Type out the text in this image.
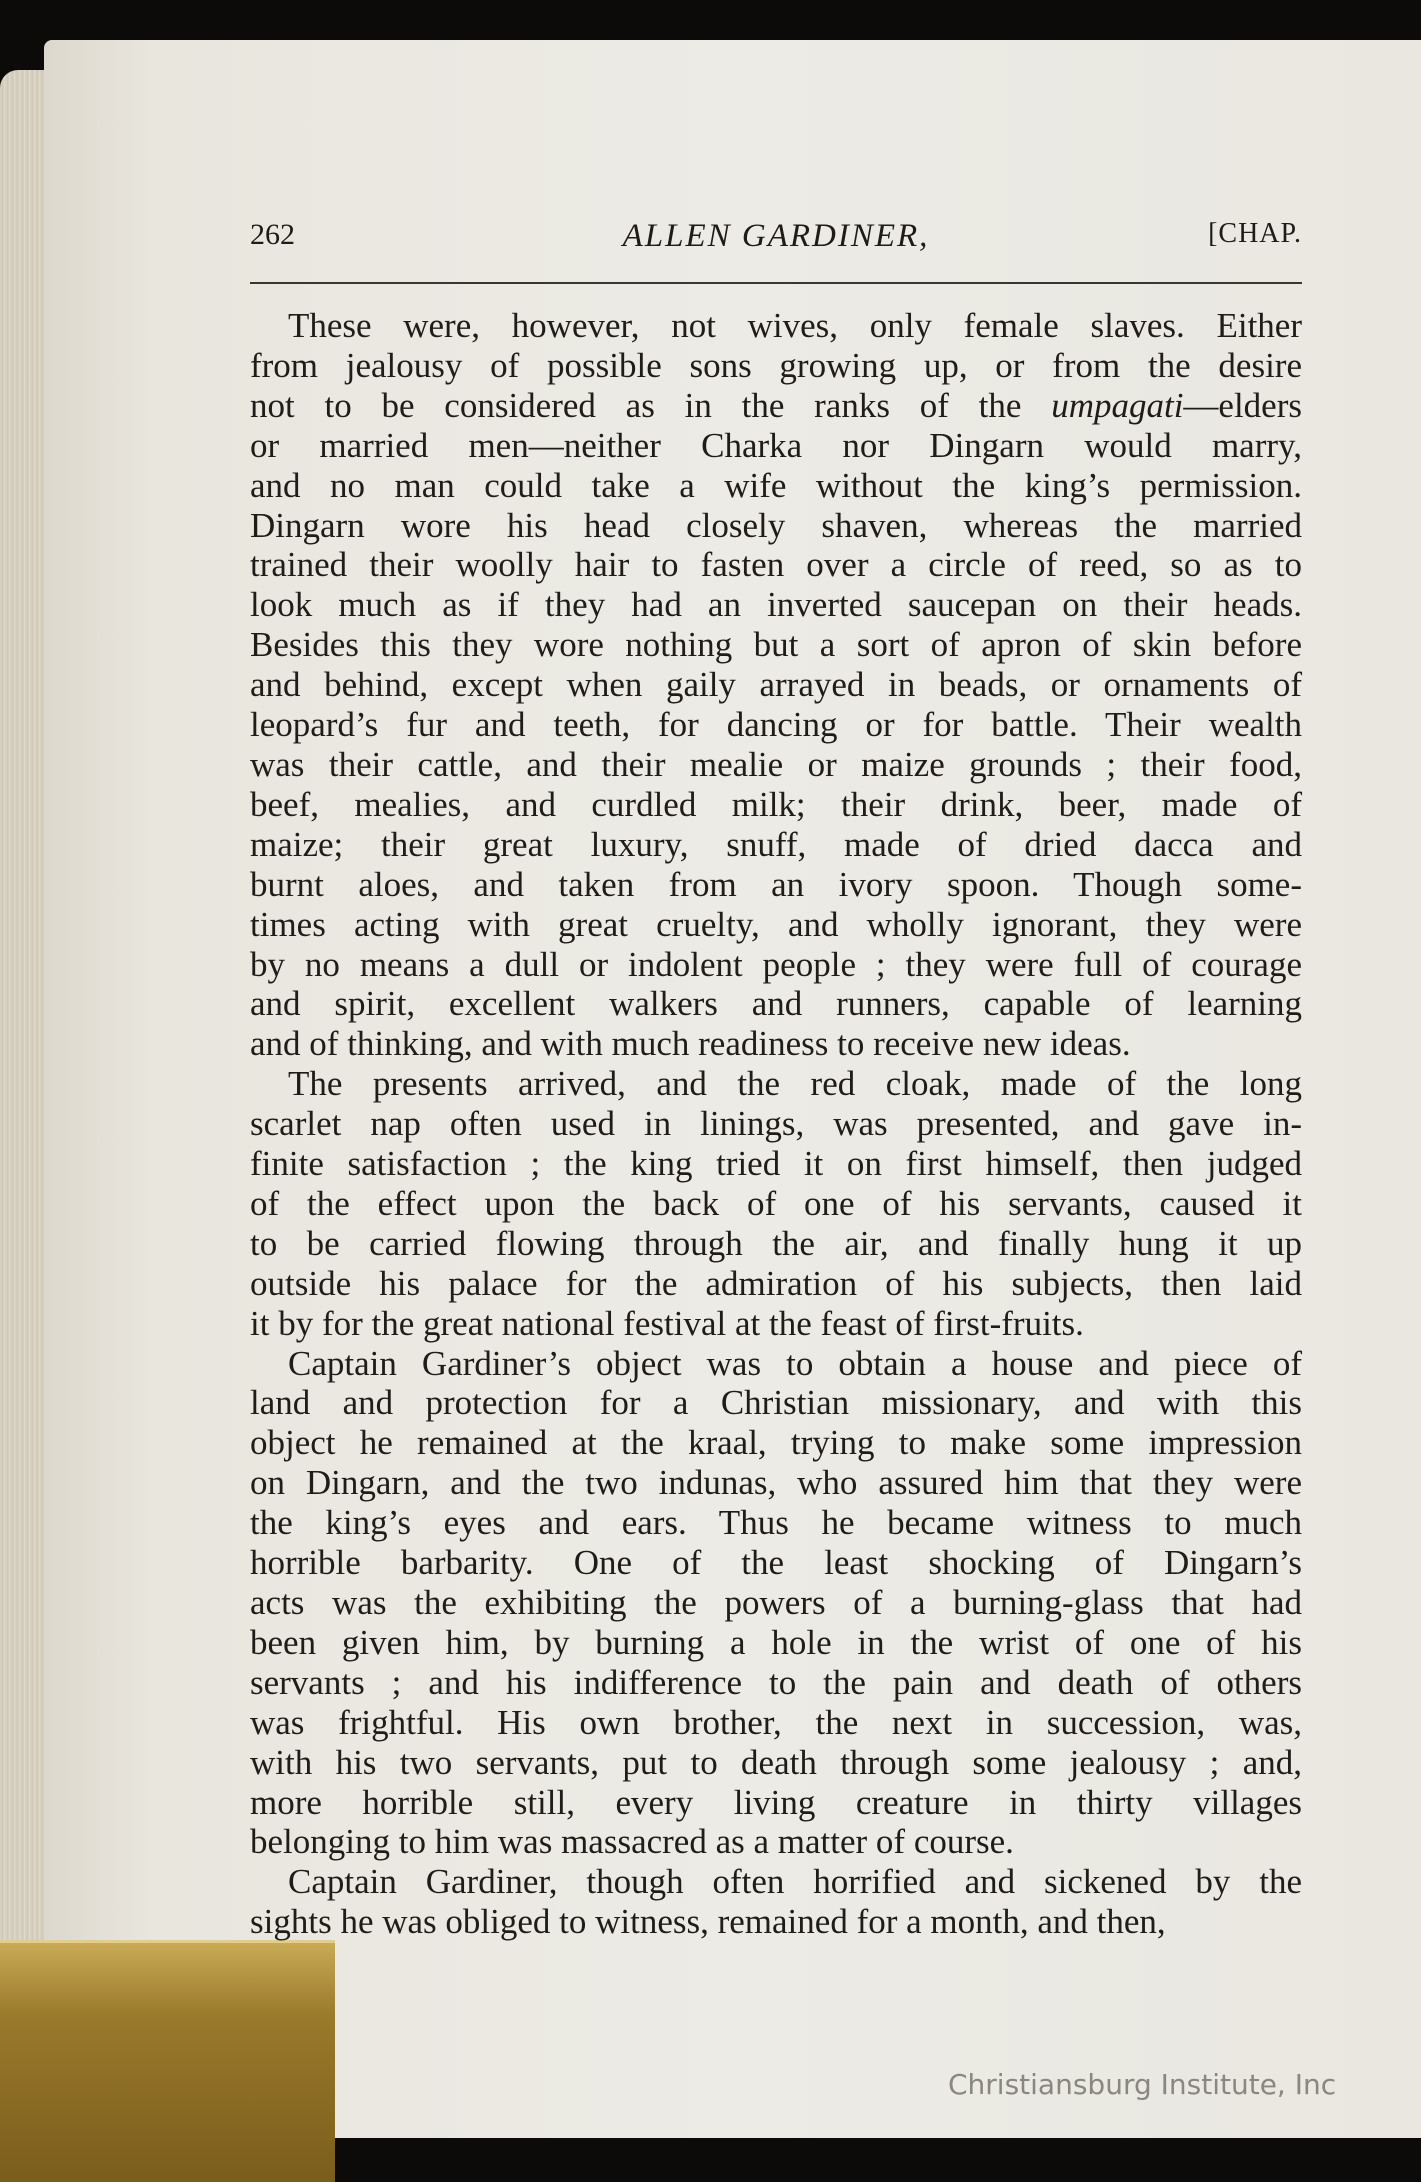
262	ALLEN GARDINER,	[CHAP.
These were, however, not wives, only female slaves. Either
from jealousy of possible sons growing up, or from the desire
not to be considered as in the ranks of the umpagati—elders
or married men—neither Charka nor Dingarn would marry,
and no man could take a wife without the king’s permission.
Dingarn wore his head closely shaven, whereas the married
trained their woolly hair to fasten over a circle of reed, so as to
look much as if they had an inverted saucepan on their heads.
Besides this they wore nothing but a sort of apron of skin before
and behind, except when gaily arrayed in beads, or ornaments of
leopard’s fur and teeth, for dancing or for battle. Their wealth
was their cattle, and their mealie or maize grounds ; their food,
beef, mealies, and curdled milk; their drink, beer, made of
maize; their great luxury, snuff, made of dried dacca and
burnt aloes, and taken from an ivory spoon. Though some-
times acting with great cruelty, and wholly ignorant, they were
by no means a dull or indolent people ; they were full of courage
and spirit, excellent walkers and runners, capable of learning
and of thinking, and with much readiness to receive new ideas.
The presents arrived, and the red cloak, made of the long
scarlet nap often used in linings, was presented, and gave in-
finite satisfaction ; the king tried it on first himself, then judged
of the effect upon the back of one of his servants, caused it
to be carried flowing through the air, and finally hung it up
outside his palace for the admiration of his subjects, then laid
it by for the great national festival at the feast of first-fruits.
Captain Gardiner’s object was to obtain a house and piece of
land and protection for a Christian missionary, and with this
object he remained at the kraal, trying to make some impression
on Dingarn, and the two indunas, who assured him that they were
the king’s eyes and ears. Thus he became witness to much
horrible barbarity. One of the least shocking of Dingarn’s
acts was the exhibiting the powers of a burning-glass that had
been given him, by burning a hole in the wrist of one of his
servants ; and his indifference to the pain and death of others
was frightful. His own brother, the next in succession, was,
with his two servants, put to death through some jealousy ; and,
more horrible still, every living creature in thirty villages
belonging to him was massacred as a matter of course.
Captain Gardiner, though often horrified and sickened by the
sights he was obliged to witness, remained for a month, and then,
Christiansburg Institute, Inc
